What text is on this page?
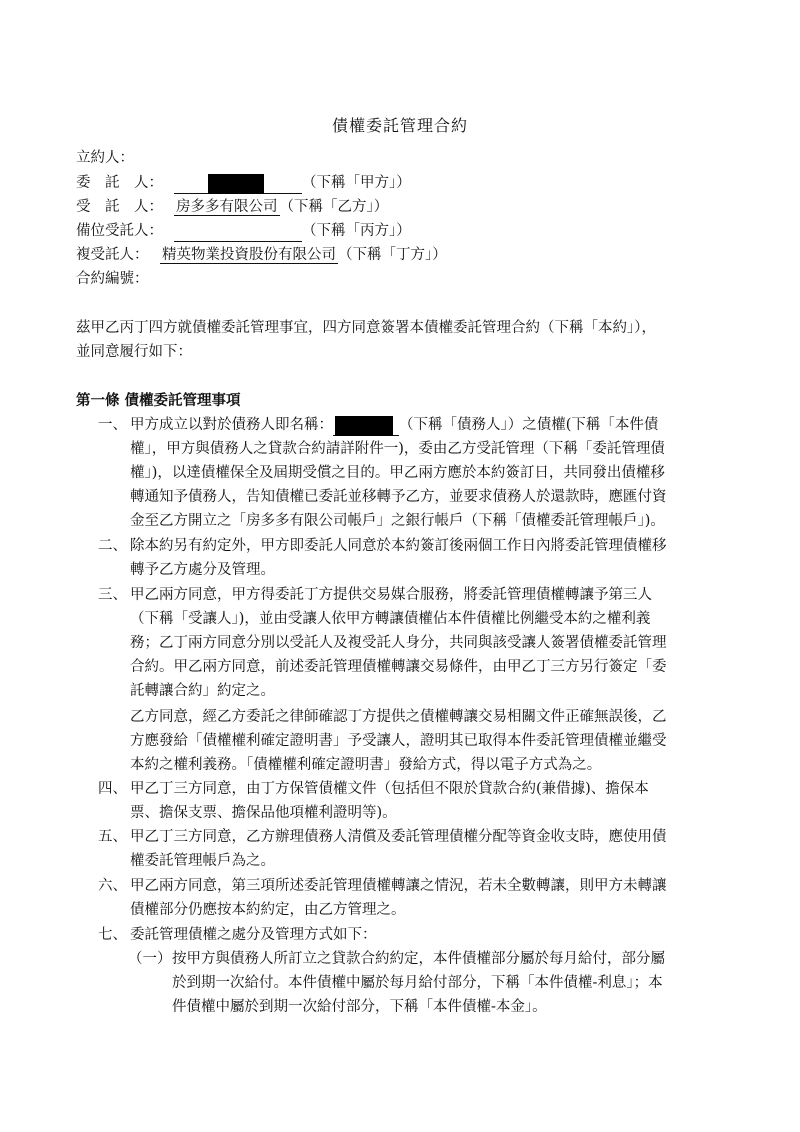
債權委託管理合約
立約人：
委　託　人：	（下稱「甲方」）
受　託　人： 房多多有限公司 （下稱「乙方」）
備位受託人：	（下稱「丙方」）
複受託人： 精英物業投資股份有限公司 （下稱「丁方」）
合約編號：
茲甲乙丙丁四方就債權委託管理事宜，四方同意簽署本債權委託管理合約（下稱「本約」），
並同意履行如下：
第一條 債權委託管理事項
一、 甲方成立以對於債務人即名稱：	（下稱「債務人」）之債權(下稱「本件債
權」，甲方與債務人之貸款合約請詳附件一)，委由乙方受託管理（下稱「委託管理債
權」)，以達債權保全及屆期受償之目的。甲乙兩方應於本約簽訂日，共同發出債權移
轉通知予債務人，告知債權已委託並移轉予乙方，並要求債務人於還款時，應匯付資
金至乙方開立之「房多多有限公司帳戶」之銀行帳戶（下稱「債權委託管理帳戶」)。
二、 除本約另有約定外，甲方即委託人同意於本約簽訂後兩個工作日內將委託管理債權移
轉予乙方處分及管理。
三、 甲乙兩方同意，甲方得委託丁方提供交易媒合服務，將委託管理債權轉讓予第三人
（下稱「受讓人」)，並由受讓人依甲方轉讓債權佔本件債權比例繼受本約之權利義
務；乙丁兩方同意分別以受託人及複受託人身分，共同與該受讓人簽署債權委託管理
合約。甲乙兩方同意，前述委託管理債權轉讓交易條件，由甲乙丁三方另行簽定「委
託轉讓合約」約定之。
乙方同意，經乙方委託之律師確認丁方提供之債權轉讓交易相關文件正確無誤後，乙
方應發給「債權權利確定證明書」予受讓人，證明其已取得本件委託管理債權並繼受
本約之權利義務。「債權權利確定證明書」發給方式，得以電子方式為之。
四、 甲乙丁三方同意，由丁方保管債權文件（包括但不限於貸款合約(兼借據)、擔保本
票、擔保支票、擔保品他項權利證明等)。
五、 甲乙丁三方同意，乙方辦理債務人清償及委託管理債權分配等資金收支時，應使用債
權委託管理帳戶為之。
六、 甲乙兩方同意，第三項所述委託管理債權轉讓之情況，若未全數轉讓，則甲方未轉讓
債權部分仍應按本約約定，由乙方管理之。
七、 委託管理債權之處分及管理方式如下：
（一） 按甲方與債務人所訂立之貸款合約約定，本件債權部分屬於每月給付，部分屬
於到期一次給付。本件債權中屬於每月給付部分，下稱「本件債權-利息」；本
件債權中屬於到期一次給付部分，下稱「本件債權-本金」。
